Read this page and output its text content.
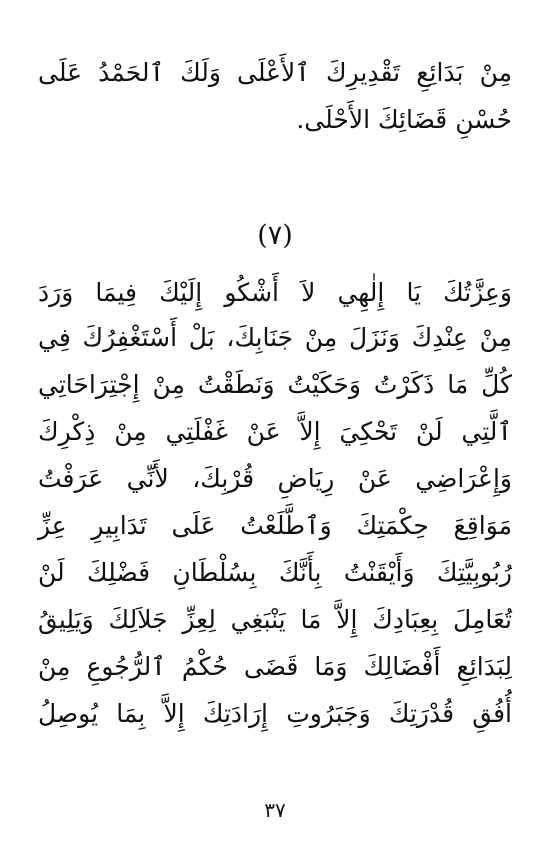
مِنْ بَدَائِعِ تَقْدِيرِكَ ٱلأَعْلَى وَلَكَ ٱلحَمْدُ عَلَى
حُسْنِ قَضَائِكَ الأَحْلَى.
(٧)
وَعِزَّتُكَ يَا إِلٰهِي لاَ أَشْكُو إِلَيْكَ فِيمَا وَرَدَ
مِنْ عِنْدِكَ وَنَزَلَ مِنْ جَنَابِكَ، بَلْ أَسْتَغْفِرُكَ فِي
كُلِّ مَا ذَكَرْتُ وَحَكَيْتُ وَنَطَقْتُ مِنْ إِجْتِرَاحَاتِي
ٱلَّتِي لَنْ تَحْكِيَ إِلاَّ عَنْ غَفْلَتِي مِنْ ذِكْرِكَ
وَإِعْرَاضِي عَنْ رِيَاضِ قُرْبِكَ، لأَنِّي عَرَفْتُ
مَوَاقِعَ حِكْمَتِكَ وَٱطَّلَعْتُ عَلَى تَدَابِيرِ عِزِّ
رُبُوبِيَّتِكَ وَأَيْقَنْتُ بِأَنَّكَ بِسُلْطَانِ فَضْلِكَ لَنْ
تُعَامِلَ بِعِبَادِكَ إِلاَّ مَا يَنْبَغِي لِعِزِّ جَلاَلِكَ وَيَلِيقُ
لِبَدَائِعِ أَفْضَالِكَ وَمَا قَضَى حُكْمُ ٱلرُّجُوعِ مِنْ
أُفُقِ قُدْرَتِكَ وَجَبَرُوتِ إِرَادَتِكَ إِلاَّ بِمَا يُوصِلُ
٣٧
